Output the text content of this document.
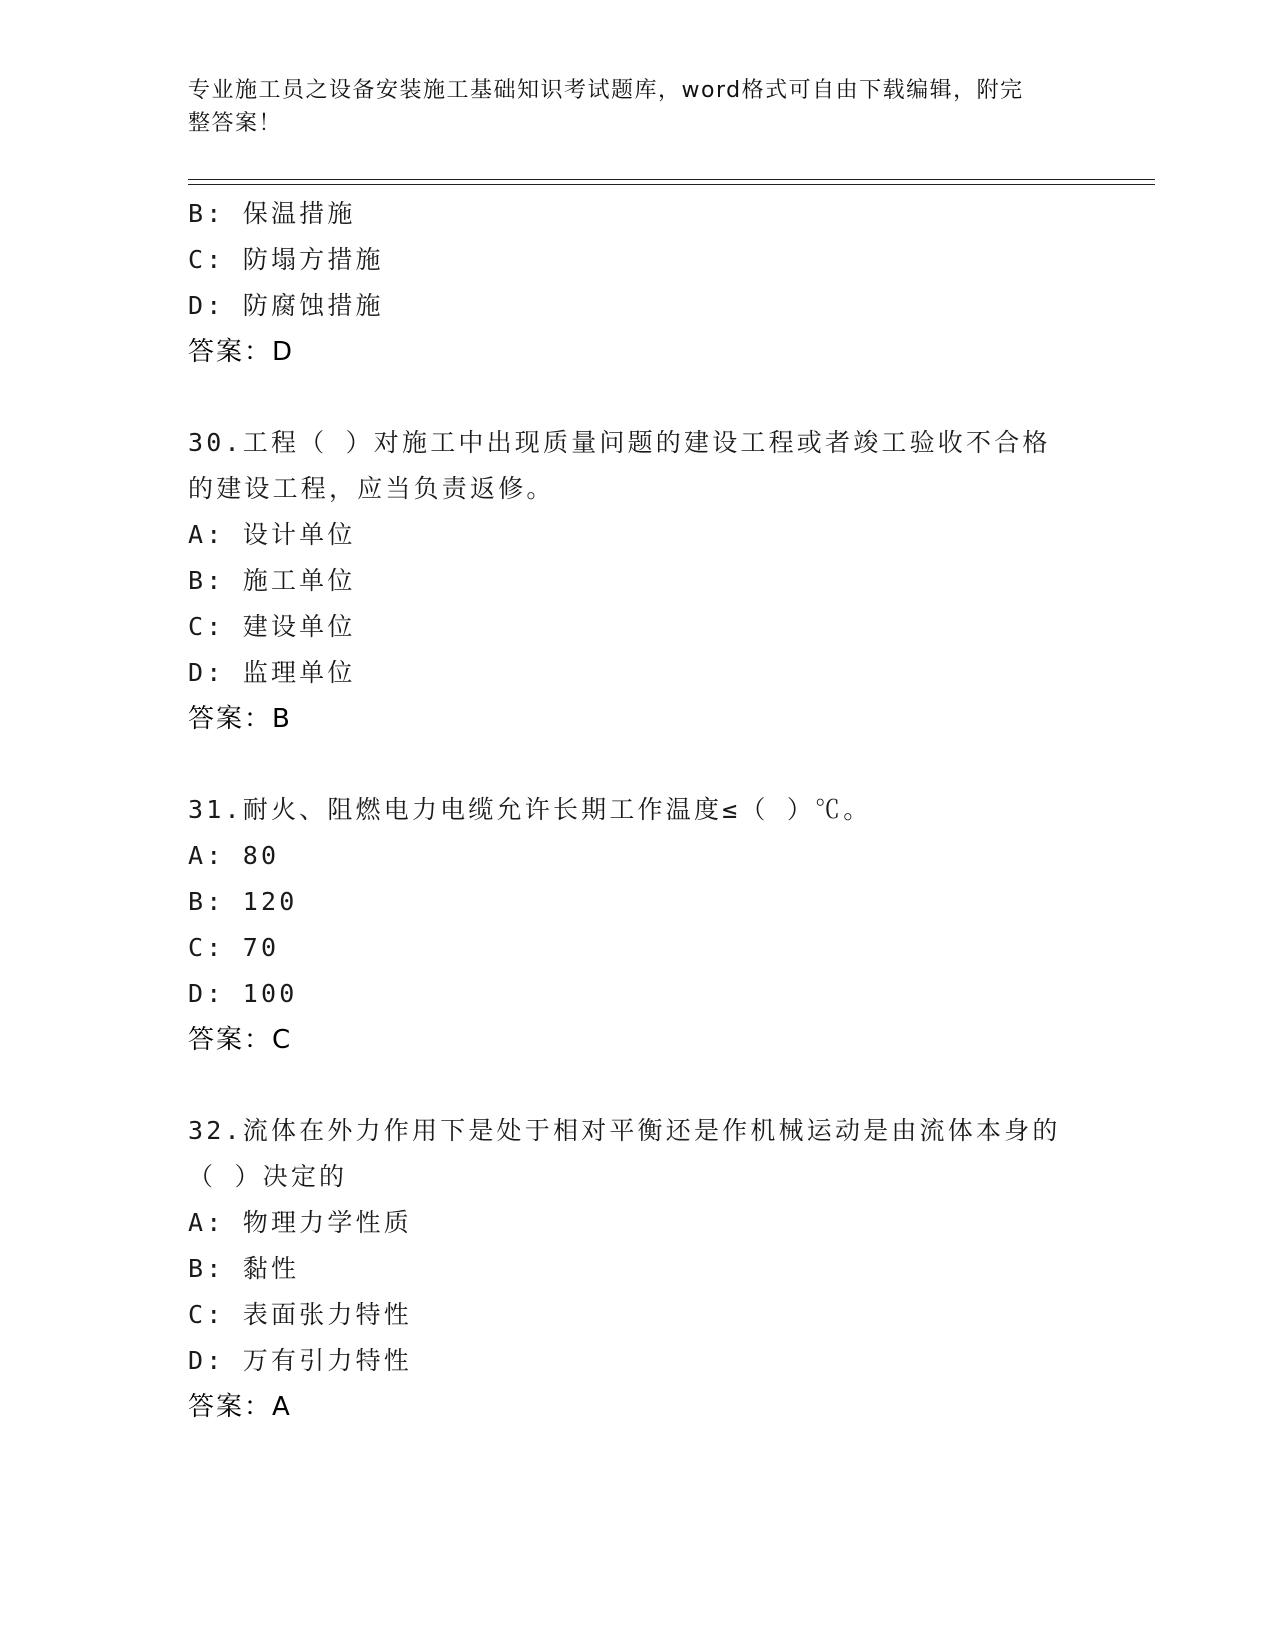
专业施工员之设备安装施工基础知识考试题库，word格式可自由下载编辑，附完
整答案！
B: 保温措施
C: 防塌方措施
D: 防腐蚀措施
答案：D
30.工程（ ）对施工中出现质量问题的建设工程或者竣工验收不合格
的建设工程，应当负责返修。
A: 设计单位
B: 施工单位
C: 建设单位
D: 监理单位
答案：B
31.耐火、阻燃电力电缆允许长期工作温度≤（ ）℃。
A: 80
B: 120
C: 70
D: 100
答案：C
32.流体在外力作用下是处于相对平衡还是作机械运动是由流体本身的
（ ）决定的
A: 物理力学性质
B: 黏性
C: 表面张力特性
D: 万有引力特性
答案：A
